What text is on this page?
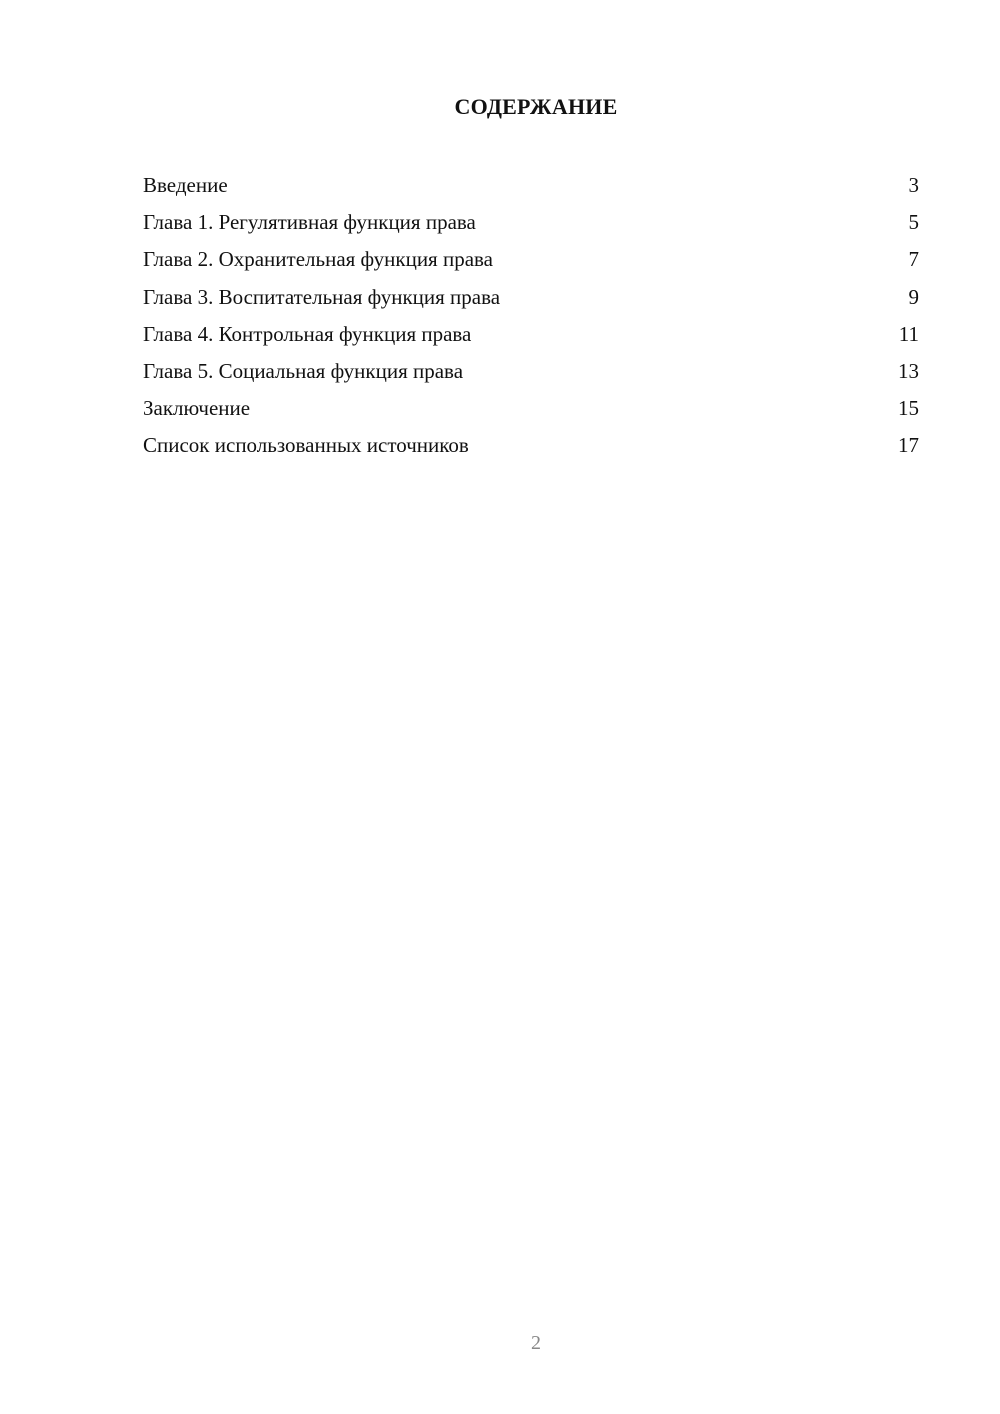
СОДЕРЖАНИЕ
Введение	3
Глава 1. Регулятивная функция права	5
Глава 2. Охранительная функция права	7
Глава 3. Воспитательная функция права	9
Глава 4. Контрольная функция права	11
Глава 5. Социальная функция права	13
Заключение	15
Список использованных источников	17
2
